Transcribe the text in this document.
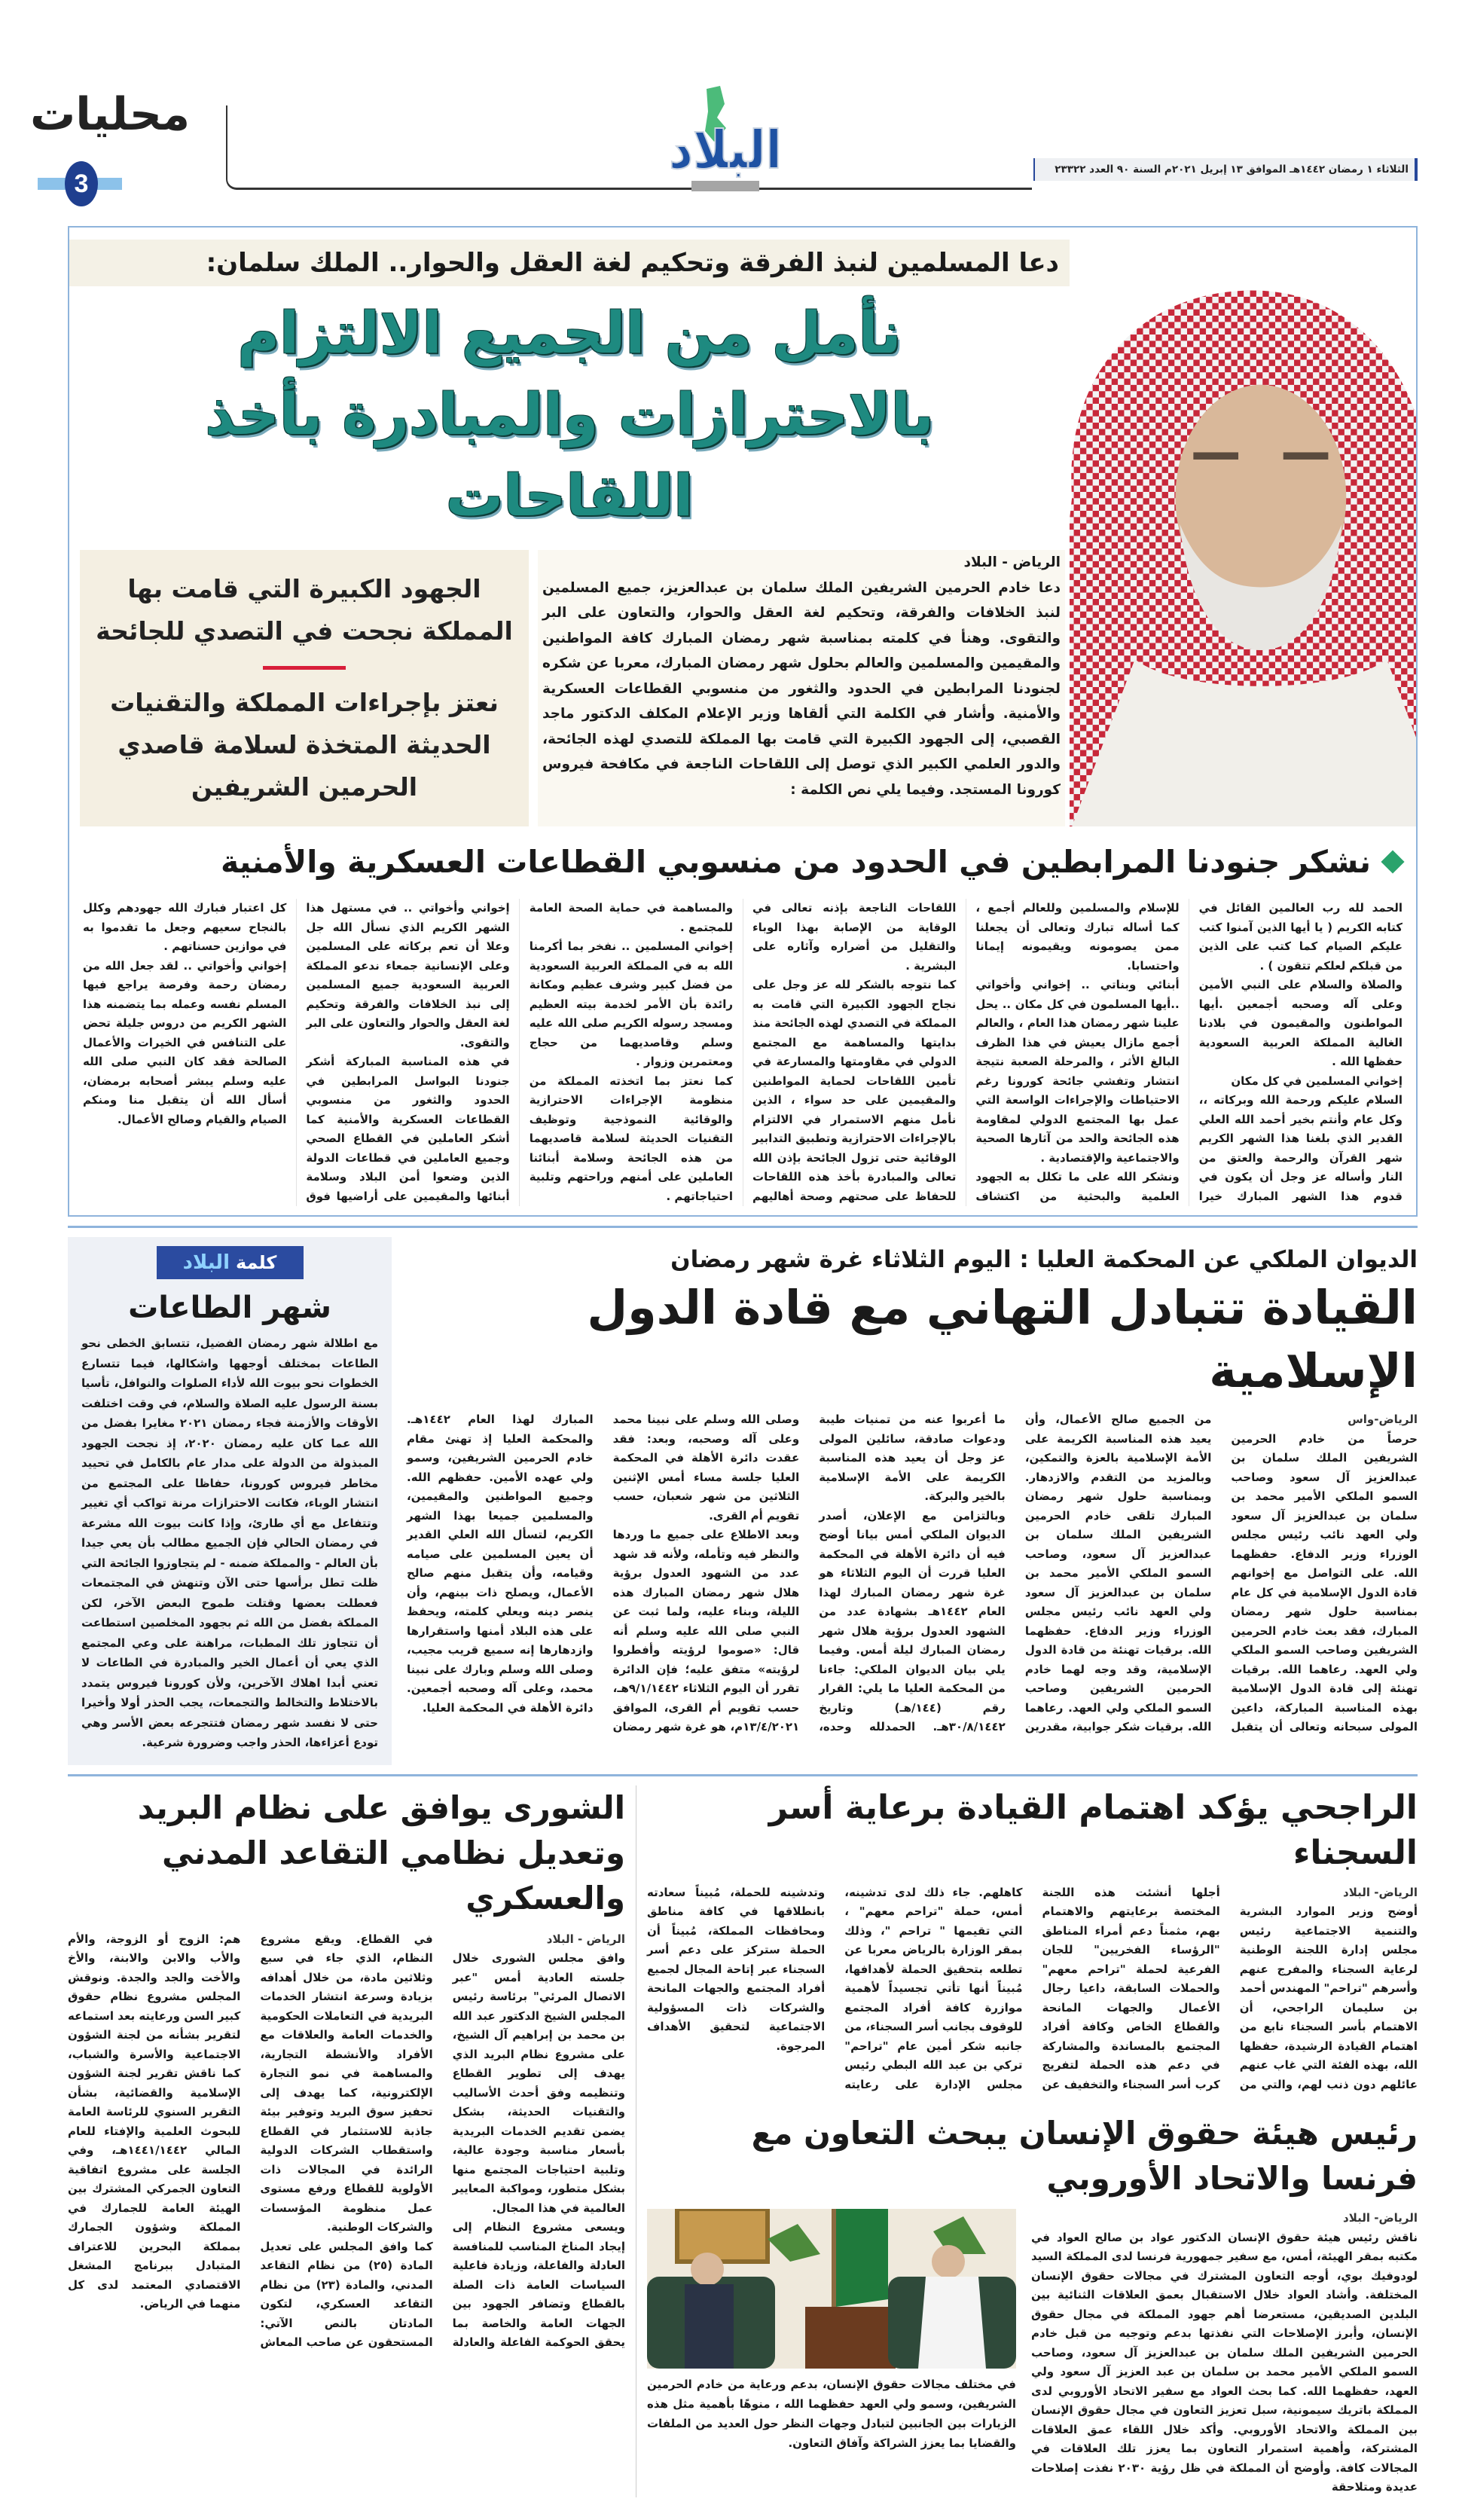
محليات
3
البلاد	الثلاثاء ١ رمضان ١٤٤٢هـ الموافق ١٣ إبريل ٢٠٢١م السنة ٩٠ العدد ٢٣٣٢٢
دعا المسلمين لنبذ الفرقة وتحكيم لغة العقل والحوار.. الملك سلمان:
نأمل من الجميع الالتزام بالاحترازات والمبادرة بأخذ اللقاحات
الرياض - البلاد
دعا خادم الحرمين الشريفين الملك سلمان بن عبدالعزيز، جميع المسلمين لنبذ الخلافات والفرقة، وتحكيم لغة العقل والحوار، والتعاون على البر والتقوى. وهنأ في كلمته بمناسبة شهر رمضان المبارك كافة المواطنين والمقيمين والمسلمين والعالم بحلول شهر رمضان المبارك، معربا عن شكره لجنودنا المرابطين في الحدود والثغور من منسوبي القطاعات العسكرية والأمنية. وأشار في الكلمة التي ألقاها وزير الإعلام المكلف الدكتور ماجد القصبي، إلى الجهود الكبيرة التي قامت بها المملكة للتصدي لهذه الجائحة، والدور العلمي الكبير الذي توصل إلى اللقاحات الناجعة في مكافحة فيروس كورونا المستجد. وفيما يلي نص الكلمة :
الجهود الكبيرة التي قامت بها المملكة نجحت في التصدي للجائحة
نعتز بإجراءات المملكة والتقنيات الحديثة المتخذة لسلامة قاصدي الحرمين الشريفين
نشكر جنودنا المرابطين في الحدود من منسوبي القطاعات العسكرية والأمنية

الحمد لله رب العالمين القائل في كتابه الكريم ( يا أيها الذين آمنوا كتب عليكم الصيام كما كتب على الذين من قبلكم لعلكم تتقون ) .

والصلاة والسلام على النبي الأمين وعلى آله وصحبه أجمعين .أيها المواطنون والمقيمون في بلادنا الغالية المملكة العربية السعودية حفظها الله .

إخواني المسلمين في كل مكان

السلام عليكم ورحمة الله وبركاته ،، وكل عام وأنتم بخير أحمد الله العلي القدير الذي بلغنا هذا الشهر الكريم شهر القرآن والرحمة والعتق من النار وأساله عز وجل أن يكون في قدوم هذا الشهر المبارك خيرا للإسلام والمسلمين وللعالم أجمع ، كما أساله تبارك وتعالى أن يجعلنا ممن يصومونه ويقيمونه إيمانا واحتسابا.

أبنائي وبناتي .. إخواني وأخواتي ..أيها المسلمون في كل مكان .. يحل علينا شهر رمضان هذا العام ، والعالم أجمع مازال يعيش في هذا الظرف البالغ الأثر ، والمرحلة الصعبة نتيجة انتشار وتفشي جائحة كورونا رغم الاحتياطات والإجراءات الواسعة التي عمل بها المجتمع الدولي لمقاومة هذه الجائحة والحد من آثارها الصحية والاجتماعية والإقتصادية .

ونشكر الله على ما تكلل به الجهود العلمية والبحثية من اكتشاف اللقاحات الناجعة بإذنه تعالى في الوقاية من الإصابة بهذا الوباء والتقليل من أضراره وآثاره على البشرية .

كما نتوجه بالشكر لله عز وجل على نجاح الجهود الكبيرة التي قامت به المملكة في التصدي لهذه الجائحة منذ بدايتها والمساهمة مع المجتمع الدولي في مقاومتها والمسارعة في تأمين اللقاحات لحماية المواطنين والمقيمين على حد سواء ، الذين نأمل منهم الاستمرار في الالتزام بالإجراءات الاحترازية وتطبيق التدابير الوقائية حتى تزول الجائحة بإذن الله تعالى والمبادرة بأخذ هذه اللقاحات للحفاظ على صحتهم وصحة أهاليهم والمساهمة في حماية الصحة العامة للمجتمع .

إخواني المسلمين .. نفخر بما أكرمنا الله به في المملكة العربية السعودية من فضل كبير وشرف عظيم ومكانة رائدة بأن الأمر لخدمة بيته العظيم ومسجد رسوله الكريم صلى الله عليه وسلم وقاصديهما من حجاج ومعتمرين وزوار .

كما نعتز بما اتخذته المملكة من منظومة الإجراءات الاحترازية والوقائية النموذجية وتوظيف التقنيات الحديثة لسلامة قاصديهما من هذه الجائحة وسلامة أبنائنا العاملين على أمنهم وراحتهم وتلبية احتياجاتهم .

إخواني وأخواتي .. في مستهل هذا الشهر الكريم الذي نسأل الله جل وعلا أن تعم بركاته على المسلمين وعلى الإنسانية جمعاء ندعو المملكة العربية السعودية جميع المسلمين إلى نبذ الخلافات والفرقة وتحكيم لغة العقل والحوار والتعاون على البر والتقوى.

في هذه المناسبة المباركة أشكر جنودنا البواسل المرابطين في الحدود والثغور من منسوبي القطاعات العسكرية والأمنية كما أشكر العاملين في القطاع الصحي وجميع العاملين في قطاعات الدولة الذين وضعوا أمن البلاد وسلامة أبنائها والمقيمين على أراضيها فوق كل اعتبار فبارك الله جهودهم وكلل بالنجاح سعيهم وجعل ما تقدموا به في موازين حسناتهم .

إخواني وأخواتي .. لقد جعل الله من رمضان رحمة وفرصة يراجع فيها المسلم نفسه وعمله بما يتضمنه هذا الشهر الكريم من دروس جليلة تحض على التنافس في الخيرات والأعمال الصالحة فقد كان النبي صلى الله عليه وسلم يبشر أصحابه برمضان، أسأل الله أن يتقبل منا ومنكم الصيام والقيام وصالح الأعمال.

الديوان الملكي عن المحكمة العليا : اليوم الثلاثاء غرة شهر رمضان
القيادة تتبادل التهاني مع قادة الدول الإسلامية

الرياض-واس

حرصاً من خادم الحرمين الشريفين الملك سلمان بن عبدالعزيز آل سعود وصاحب السمو الملكي الأمير محمد بن سلمان بن عبدالعزيز آل سعود ولي العهد نائب رئيس مجلس الوزراء وزير الدفاع. حفظهما الله. على التواصل مع إخوانهم قادة الدول الإسلامية في كل عام بمناسبة حلول شهر رمضان المبارك، فقد بعث خادم الحرمين الشريفين وصاحب السمو الملكي ولي العهد. رعاهما الله. برقيات تهنئة إلى قادة الدول الإسلامية بهذه المناسبة المباركة، داعين المولى سبحانه وتعالى أن يتقبل من الجميع صالح الأعمال، وأن يعيد هذه المناسبة الكريمة على الأمة الإسلامية بالعزة والتمكين، وبالمزيد من التقدم والازدهار. وبمناسبة حلول شهر رمضان المبارك تلقى خادم الحرمين الشريفين الملك سلمان بن عبدالعزيز آل سعود، وصاحب السمو الملكي الأمير محمد بن سلمان بن عبدالعزيز آل سعود ولي العهد نائب رئيس مجلس الوزراء وزير الدفاع. حفظهما الله. برقيات تهنئة من قادة الدول الإسلامية، وقد وجه لهما خادم الحرمين الشريفين وصاحب السمو الملكي ولي العهد. رعاهما الله. برقيات شكر جوابية، مقدرين ما أعربوا عنه من تمنيات طيبة ودعوات صادقة، سائلين المولى عز وجل أن يعيد هذه المناسبة الكريمة على الأمة الإسلامية بالخير والبركة.

وبالتزامن مع الإعلان، أصدر الديوان الملكي أمس بيانا أوضح فيه أن دائرة الأهلة في المحكمة العليا قررت أن اليوم الثلاثاء هو غرة شهر رمضان المبارك لهذا العام ١٤٤٢هـ بشهادة عدد من الشهود العدول برؤية هلال شهر رمضان المبارك ليلة أمس. وفيما يلي بيان الديوان الملكي: جاءنا من المحكمة العليا ما يلي: القرار رقم (١٤٤/هـ) وتاريخ ٣٠/٨/١٤٤٢هـ. الحمدلله وحده، وصلى الله وسلم على نبينا محمد وعلى آله وصحبه، وبعد: فقد عقدت دائرة الأهلة في المحكمة العليا جلسة مساء أمس الإثنين الثلاثين من شهر شعبان، حسب تقويم أم القرى.

وبعد الاطلاع على جميع ما وردها والنظر فيه وتأمله، ولأنه قد شهد عدد من الشهود العدول برؤية هلال شهر رمضان المبارك هذه الليلة، وبناء عليه، ولما ثبت عن النبي صلى الله عليه وسلم أنه قال: «صوموا لرؤيته وأفطروا لرؤيته» متفق عليه؛ فإن الدائرة تقرر أن اليوم الثلاثاء ٩/١/١٤٤٢هـ، حسب تقويم أم القرى، الموافق ١٣/٤/٢٠٢١م، هو غرة شهر رمضان المبارك لهذا العام ١٤٤٢هـ. والمحكمة العليا إذ تهنئ مقام خادم الحرمين الشريفين، وسمو ولي عهده الأمين. حفظهم الله. وجميع المواطنين والمقيمين، والمسلمين جميعا بهذا الشهر الكريم، لتسأل الله العلي القدير أن يعين المسلمين على صيامه وقيامه، وأن يتقبل منهم صالح الأعمال، ويصلح ذات بينهم، وأن ينصر دينه ويعلي كلمته، ويحفظ على هذه البلاد أمنها واستقرارها وازدهارها إنه سميع قريب مجيب، وصلى الله وسلم وبارك على نبينا محمد، وعلى آله وصحبه أجمعين. دائرة الأهلة في المحكمة العليا.

كلمة
البلاد
شهر الطاعات
مع اطلالة شهر رمضان الفضيل، تتسابق الخطى نحو الطاعات بمختلف أوجهها واشكالها، فيما تتسارع الخطوات نحو بيوت الله لأداء الصلوات والنوافل، تأسيا بسنة الرسول عليه الصلاة والسلام، في وقت اختلفت الأوقات والأزمنة فجاء رمضان ٢٠٢١ مغايرا بفضل من الله عما كان عليه رمضان ٢٠٢٠، إذ نجحت الجهود المبذولة من الدولة على مدار عام بالكامل في تحييد مخاطر فيروس كورونا، حفاظا على المجتمع من انتشار الوباء، فكانت الاحترازات مرنة تواكب أي تغيير وتتفاعل مع أي طارئ، وإذا كانت بيوت الله مشرعة في رمضان الحالي فإن الجميع مطالب بأن يعي جيدا بأن العالم - والمملكة ضمنه - لم يتجاوزوا الجائحة التي ظلت تطل برأسها حتى الآن وتنهش في المجتمعات فعطلت بعضها وقتلت طموح البعض الآخر، لكن المملكة بفضل من الله ثم بجهود المخلصين استطاعت أن تتجاوز تلك المطبات، مراهنة على وعي المجتمع الذي يعي أن أعمال الخير والمبادرة في الطاعات لا تعني أبدا اهلاك الآخرين، ولأن كورونا فيروس يتمدد بالاختلاط والتخالط والتجمعات، يجب الحذر أولا وأخيرا حتى لا نفسد شهر رمضان فتتجرعه بعض الأسر وهي تودع أعزاءها، الحذر واجب وضرورة شرعية.
الراجحي يؤكد اهتمام القيادة برعاية أسر السجناء

الرياض- البلاد

أوضح وزير الموارد البشرية والتنمية الاجتماعية رئيس مجلس إدارة اللجنة الوطنية لرعاية السجناء والمفرج عنهم وأسرهم "تراحم" المهندس أحمد بن سليمان الراجحي، أن الاهتمام بأسر السجناء نابع من اهتمام القيادة الرشيدة، حفظها الله، بهذه الفئة التي غاب عنهم عائلهم دون ذنب لهم، والتي من أجلها أنشئت هذه اللجنة المختصة برعايتهم والاهتمام بهم، مثمناً دعم أمراء المناطق "الرؤساء الفخريين" للجان الفرعية لحملة "تراحم معهم" والحملات السابقة، داعيا رجال الأعمال والجهات المانحة والقطاع الخاص وكافة أفراد المجتمع بالمساندة والمشاركة في دعم هذه الحملة لتفريج كرب أسر السجناء والتخفيف عن كاهلهم. جاء ذلك لدى تدشينه، أمس، حملة "تراحم معهم" ، التي تقيمها " تراحم "، وذلك بمقر الوزارة بالرياض معربا عن تطلعه بتحقيق الحملة لأهدافها، مُبيناً أنها تأتي تجسيداً لأهمية موازرة كافة أفراد المجتمع للوقوف بجانب أسر السجناء، من جانبه شكر أمين عام "تراحم" تركي بن عبد الله البطي رئيس مجلس الإدارة على رعايته وتدشينه للحملة، مُبيناً سعادته بانطلاقها في كافة مناطق ومحافظات المملكة، مُبيناً أن الحملة ستركز على دعم أسر السجناء عبر إتاحة المجال لجميع أفراد المجتمع والجهات المانحة والشركات ذات المسؤولية الاجتماعية لتحقيق الأهداف المرجوة.

رئيس هيئة حقوق الإنسان يبحث التعاون مع فرنسا والاتحاد الأوروبي

الرياض- البلاد

ناقش رئيس هيئة حقوق الإنسان الدكتور عواد بن صالح العواد في مكتبه بمقر الهيئة، أمس، مع سفير جمهورية فرنسا لدى المملكة السيد لودوفيك بوي، أوجه التعاون المشترك في مجالات حقوق الإنسان المختلفة. وأشاد العواد خلال الاستقبال بعمق العلاقات الثنائية بين البلدين الصديقين، مستعرضا أهم جهود المملكة في مجال حقوق الإنسان، وأبرز الإصلاحات التي نفذتها بدعم وتوجيه من قبل خادم الحرمين الشريفين الملك سلمان بن عبدالعزيز آل سعود، وصاحب السمو الملكي الأمير محمد بن سلمان بن عبد العزيز آل سعود ولي العهد، حفظهما الله. كما بحث العواد مع سفير الاتحاد الأوروبي لدى المملكة باتريك سيمونية، سبل تعزيز التعاون في مجال حقوق الإنسان بين المملكة والاتحاد الأوروبي. وأكد خلال اللقاء عمق العلاقات المشتركة، وأهمية استمرار التعاون بما يعزز تلك العلاقات في المجالات كافة. وأوضح أن المملكة في ظل رؤية ٢٠٣٠ نفذت إصلاحات عديدة ومتلاحقة

في مختلف مجالات حقوق الإنسان، بدعم ورعاية من خادم الحرمين الشريفين، وسمو ولي العهد حفظهما الله ، منوهًا بأهمية مثل هذه الزيارات بين الجانبين لتبادل وجهات النظر حول العديد من الملفات والقضايا بما يعزز الشراكة وآفاق التعاون.
الشورى يوافق على نظام البريد وتعديل نظامي التقاعد المدني والعسكري

الرياض - البلاد

وافق مجلس الشورى خلال جلسته العادية أمس "عبر الاتصال المرئي" برئاسة رئيس المجلس الشيخ الدكتور عبد الله بن محمد بن إبراهيم آل الشيخ، على مشروع نظام البريد الذي يهدف إلى تطوير القطاع وتنظيمه وفق أحدث الأساليب والتقنيات الحديثة، بشكل يضمن تقديم الخدمات البريدية بأسعار مناسبة وجودة عالية، وتلبية احتياجات المجتمع منها بشكل متطور، ومواكبة المعايير العالمية في هذا المجال.

ويسعى مشروع النظام إلى إيجاد المناخ المناسب للمنافسة العادلة والفاعلة، وزيادة فاعلية السياسات العامة ذات الصلة بالقطاع وتضافر الجهود بين الجهات العامة والخاصة بما يحقق الحوكمة الفاعلة والعادلة في القطاع. ويقع مشروع النظام، الذي جاء في سبع وثلاثين مادة، من خلال أهدافه بزيادة وسرعة انتشار الخدمات البريدية في التعاملات الحكومية والخدمات العامة والعلاقات مع الأفراد والأنشطة التجارية، والمساهمة في نمو التجارة الإلكترونية، كما يهدف إلى تحفيز سوق البريد وتوفير بيئة جاذبة للاستثمار في القطاع واستقطاب الشركات الدولية الرائدة في المجالات ذات الأولوية للقطاع ورفع مستوى عمل منظومة المؤسسات والشركات الوطنية.

كما وافق المجلس على تعديل المادة (٢٥) من نظام التقاعد المدني، والمادة (٢٣) من نظام التقاعد العسكري، لتكون المادتان بالنص الآتي: المستحقون عن صاحب المعاش هم: الزوج أو الزوجة، والأم والأب والابن والابنة، والأخ والأخت والجد والجدة. ونوقش المجلس مشروع نظام حقوق كبير السن ورعايته بعد استماعه لتقرير بشأنه من لجنة الشؤون الاجتماعية والأسرة والشباب، كما ناقش تقرير لجنة الشؤون الإسلامية والقضائية، بشأن التقرير السنوي للرئاسة العامة للبحوث العلمية والإفتاء للعام المالي ١٤٤١/١٤٤٢هـ، وفي الجلسة على مشروع اتفاقية التعاون الجمركي المشترك بين الهيئة العامة للجمارك في المملكة وشؤون الجمارك بمملكة البحرين للاعتراف المتبادل ببرنامج المشغل الاقتصادي المعتمد لدى كل منهما في الرياض.
